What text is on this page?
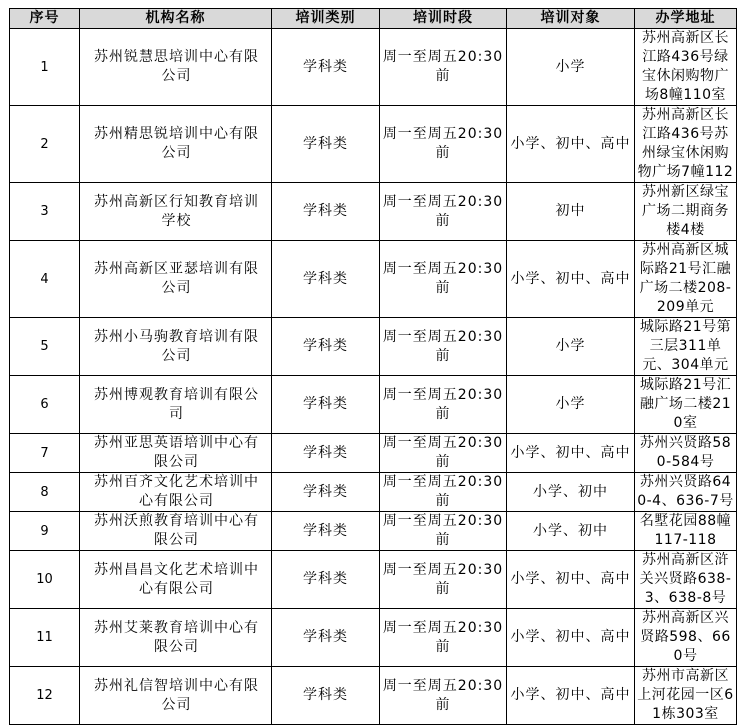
序号	机构名称	培训类别	培训时段	培训对象	办学地址
1	苏州锐慧思培训中心有限公司	学科类	周一至周五20:30前	小学	苏州高新区长江路436号绿宝休闲购物广场8幢110室
2	苏州精思锐培训中心有限公司	学科类	周一至周五20:30前	小学、初中、高中	苏州高新区长江路436号苏州绿宝休闲购物广场7幢112
3	苏州高新区行知教育培训学校	学科类	周一至周五20:30前	初中	苏州新区绿宝广场二期商务楼4楼
4	苏州高新区亚瑟培训有限公司	学科类	周一至周五20:30前	小学、初中、高中	苏州高新区城际路21号汇融广场二楼208-209单元
5	苏州小马驹教育培训有限公司	学科类	周一至周五20:30前	小学	城际路21号第三层311单元、304单元
6	苏州博观教育培训有限公司	学科类	周一至周五20:30前	小学	城际路21号汇融广场二楼210室
7	苏州亚思英语培训中心有限公司	学科类	周一至周五20:30前	小学、初中、高中	苏州兴贤路580-584号
8	苏州百齐文化艺术培训中心有限公司	学科类	周一至周五20:30前	小学、初中	苏州兴贤路640-4、636-7号
9	苏州沃煎教育培训中心有限公司	学科类	周一至周五20:30前	小学、初中	名墅花园88幢117-118
10	苏州昌昌文化艺术培训中心有限公司	学科类	周一至周五20:30前	小学、初中、高中	苏州高新区浒关兴贤路638-3、638-8号
11	苏州艾莱教育培训中心有限公司	学科类	周一至周五20:30前	小学、初中、高中	苏州高新区兴贤路598、660号
12	苏州礼信智培训中心有限公司	学科类	周一至周五20:30前	小学、初中、高中	苏州市高新区上河花园一区61栋303室
